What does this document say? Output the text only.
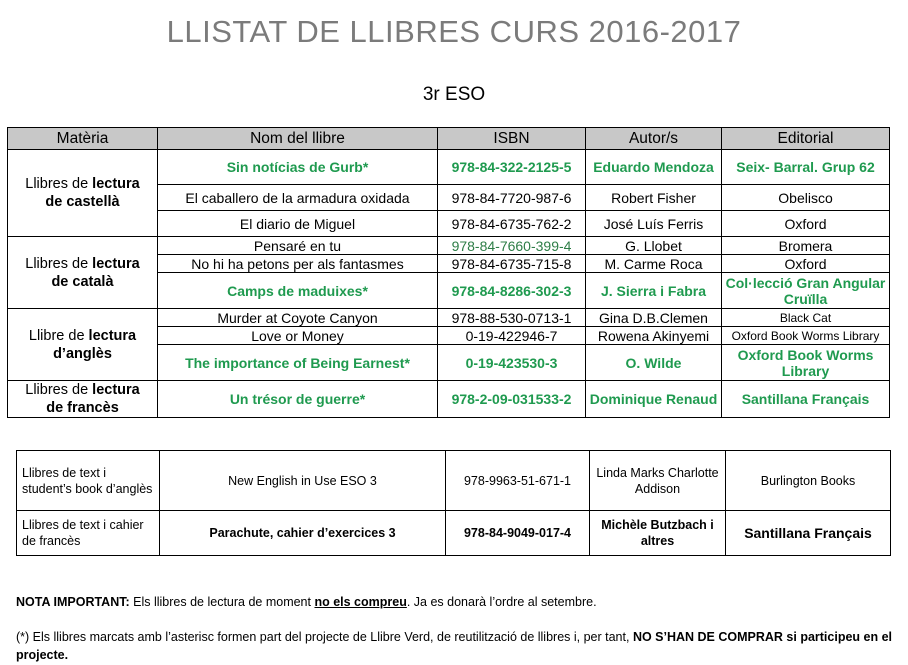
LLISTAT DE LLIBRES CURS 2016-2017
3r ESO
Matèria	Nom del llibre	ISBN	Autor/s	Editorial
Llibres de lectura
de castellà	Sin notícias de Gurb*	978-84-322-2125-5	Eduardo Mendoza	Seix- Barral. Grup 62
	El caballero de la armadura oxidada	978-84-7720-987-6	Robert Fisher	Obelisco
	El diario de Miguel	978-84-6735-762-2	José Luís Ferris	Oxford
Llibres de lectura
de català	Pensaré en tu	978-84-7660-399-4	G. Llobet	Bromera
	No hi ha petons per als fantasmes	978-84-6735-715-8	M. Carme Roca	Oxford
	Camps de maduixes*	978-84-8286-302-3	J. Sierra i Fabra	Col·lecció Gran Angular Cruïlla
Llibre de lectura
d’anglès	Murder at Coyote Canyon	978-88-530-0713-1	Gina D.B.Clemen	Black Cat
	Love or Money	0-19-422946-7	Rowena Akinyemi	Oxford Book Worms Library
	The importance of Being Earnest*	0-19-423530-3	O. Wilde	Oxford Book Worms Library
Llibres de lectura
de francès	Un trésor de guerre*	978-2-09-031533-2	Dominique Renaud	Santillana Français
Llibres de text i student’s book d’anglès	New English in Use ESO 3	978-9963-51-671-1	Linda Marks Charlotte Addison	Burlington Books
Llibres de text i cahier de francès	Parachute, cahier d’exercices 3	978-84-9049-017-4	Michèle Butzbach i altres	Santillana Français
NOTA IMPORTANT: Els llibres de lectura de moment no els compreu. Ja es donarà l’ordre al setembre.
(*) Els llibres marcats amb l’asterisc formen part del projecte de Llibre Verd, de reutilització de llibres i, per tant, NO S’HAN DE COMPRAR si participeu en el projecte.
